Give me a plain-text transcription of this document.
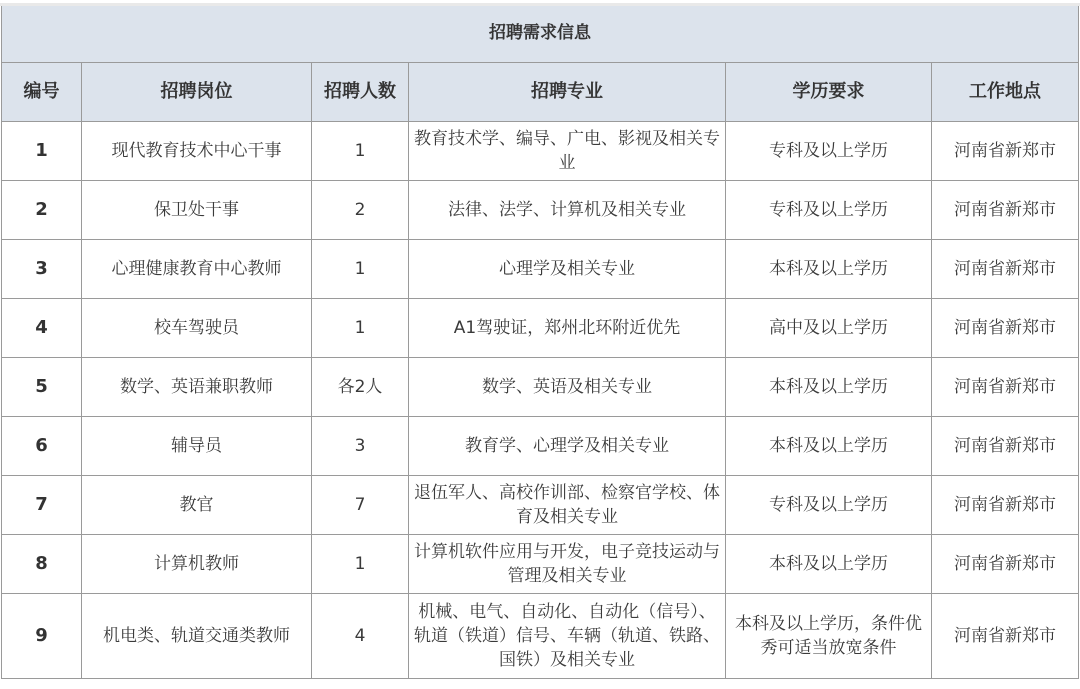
招聘需求信息					
编号	招聘岗位	招聘人数	招聘专业	学历要求	工作地点
1	现代教育技术中心干事	1	教育技术学、编导、广电、影视及相关专业	专科及以上学历	河南省新郑市
2	保卫处干事	2	法律、法学、计算机及相关专业	专科及以上学历	河南省新郑市
3	心理健康教育中心教师	1	心理学及相关专业	本科及以上学历	河南省新郑市
4	校车驾驶员	1	A1驾驶证，郑州北环附近优先	高中及以上学历	河南省新郑市
5	数学、英语兼职教师	各2人	数学、英语及相关专业	本科及以上学历	河南省新郑市
6	辅导员	3	教育学、心理学及相关专业	本科及以上学历	河南省新郑市
7	教官	7	退伍军人、高校作训部、检察官学校、体育及相关专业	专科及以上学历	河南省新郑市
8	计算机教师	1	计算机软件应用与开发，电子竞技运动与管理及相关专业	本科及以上学历	河南省新郑市
9	机电类、轨道交通类教师	4	机械、电气、自动化、自动化（信号）、轨道（铁道）信号、车辆（轨道、铁路、国铁）及相关专业	本科及以上学历，条件优秀可适当放宽条件	河南省新郑市
